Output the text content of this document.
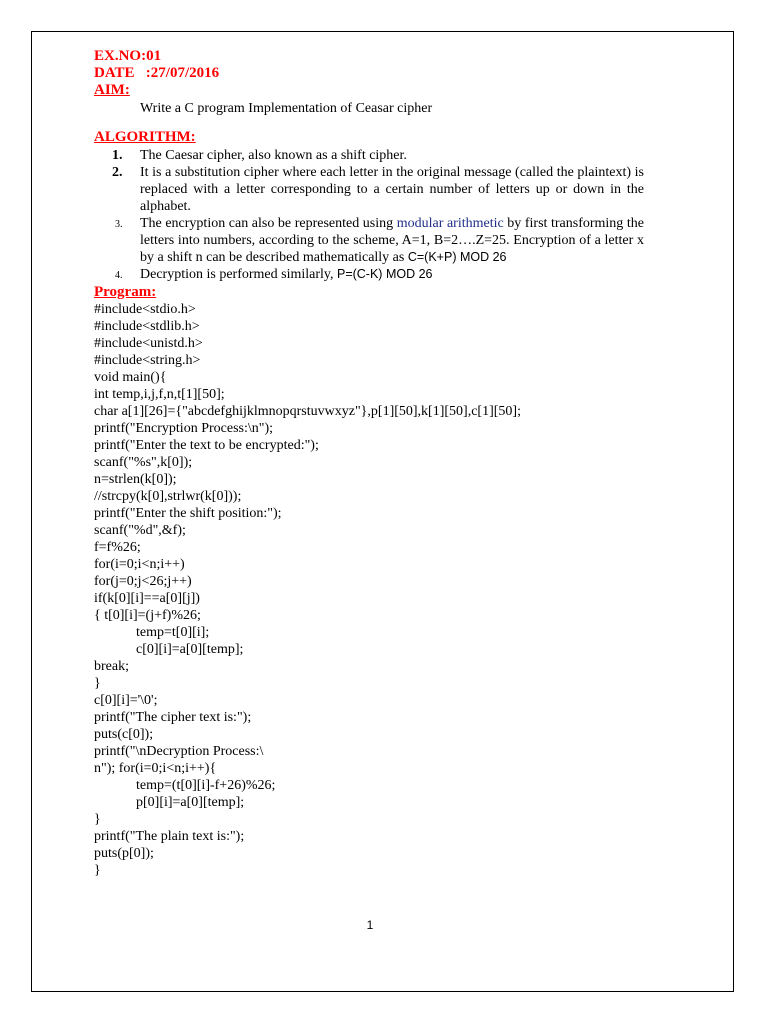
EX.NO:01
DATE   :27/07/2016
AIM:
Write a C program Implementation of Ceasar cipher
ALGORITHM:
1. The Caesar cipher, also known as a shift cipher.
2. It is a substitution cipher where each letter in the original message (called the plaintext) is replaced with a letter corresponding to a certain number of letters up or down in the alphabet.
3. The encryption can also be represented using modular arithmetic by first transforming the letters into numbers, according to the scheme, A=1, B=2….Z=25. Encryption of a letter x by a shift n can be described mathematically as C=(K+P) MOD 26
4. Decryption is performed similarly, P=(C-K) MOD 26
Program:
#include<stdio.h>
#include<stdlib.h>
#include<unistd.h>
#include<string.h>
void main(){
int temp,i,j,f,n,t[1][50];
char a[1][26]={"abcdefghijklmnopqrstuvwxyz"},p[1][50],k[1][50],c[1][50];
printf("Encryption Process:\n");
printf("Enter the text to be encrypted:");
scanf("%s",k[0]);
n=strlen(k[0]);
//strcpy(k[0],strlwr(k[0]));
printf("Enter the shift position:");
scanf("%d",&f);
f=f%26;
for(i=0;i<n;i++)
for(j=0;j<26;j++)
if(k[0][i]==a[0][j])
{ t[0][i]=(j+f)%26;
temp=t[0][i];
c[0][i]=a[0][temp];
break;
}
c[0][i]='\0';
printf("The cipher text is:");
puts(c[0]);
printf("\nDecryption Process:\
n"); for(i=0;i<n;i++){
temp=(t[0][i]-f+26)%26;
p[0][i]=a[0][temp];
}
printf("The plain text is:");
puts(p[0]);
}
1
